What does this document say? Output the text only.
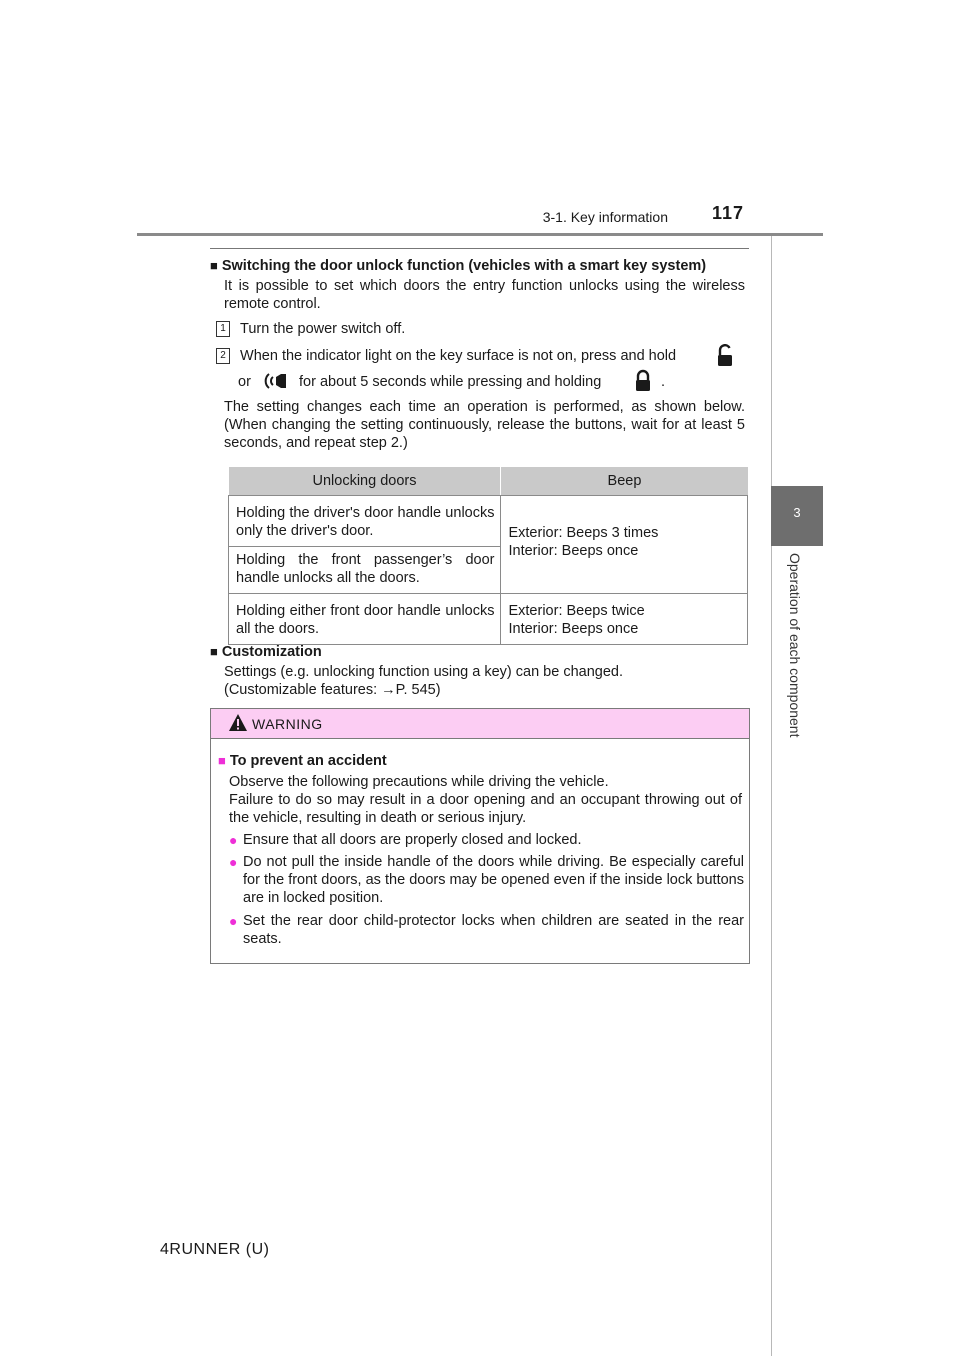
3-1. Key information 117
3
Operation of each component
■ Switching the door unlock function (vehicles with a smart key system)
It is possible to set which doors the entry function unlocks using the wireless remote control.
1 Turn the power switch off.
2 When the indicator light on the key surface is not on, press and hold
or	for about 5 seconds while pressing and holding	.
The setting changes each time an operation is performed, as shown below. (When changing the setting continuously, release the buttons, wait for at least 5 seconds, and repeat step 2.)
Unlocking doors	Beep
Holding the driver's door handle unlocks only the driver's door.	Exterior: Beeps 3 times
Interior: Beeps once

Holding the front passenger’s door handle unlocks all the doors.	
Holding either front door handle unlocks all the doors.	Exterior: Beeps twice
Interior: Beeps once
■ Customization
Settings (e.g. unlocking function using a key) can be changed.
(Customizable features: →P. 545)
WARNING
■ To prevent an accident
Observe the following precautions while driving the vehicle.
Failure to do so may result in a door opening and an occupant throwing out of the vehicle, resulting in death or serious injury.
● Ensure that all doors are properly closed and locked.
● Do not pull the inside handle of the doors while driving. Be especially careful for the front doors, as the doors may be opened even if the inside lock buttons are in locked position.
● Set the rear door child-protector locks when children are seated in the rear seats.
4RUNNER (U)
